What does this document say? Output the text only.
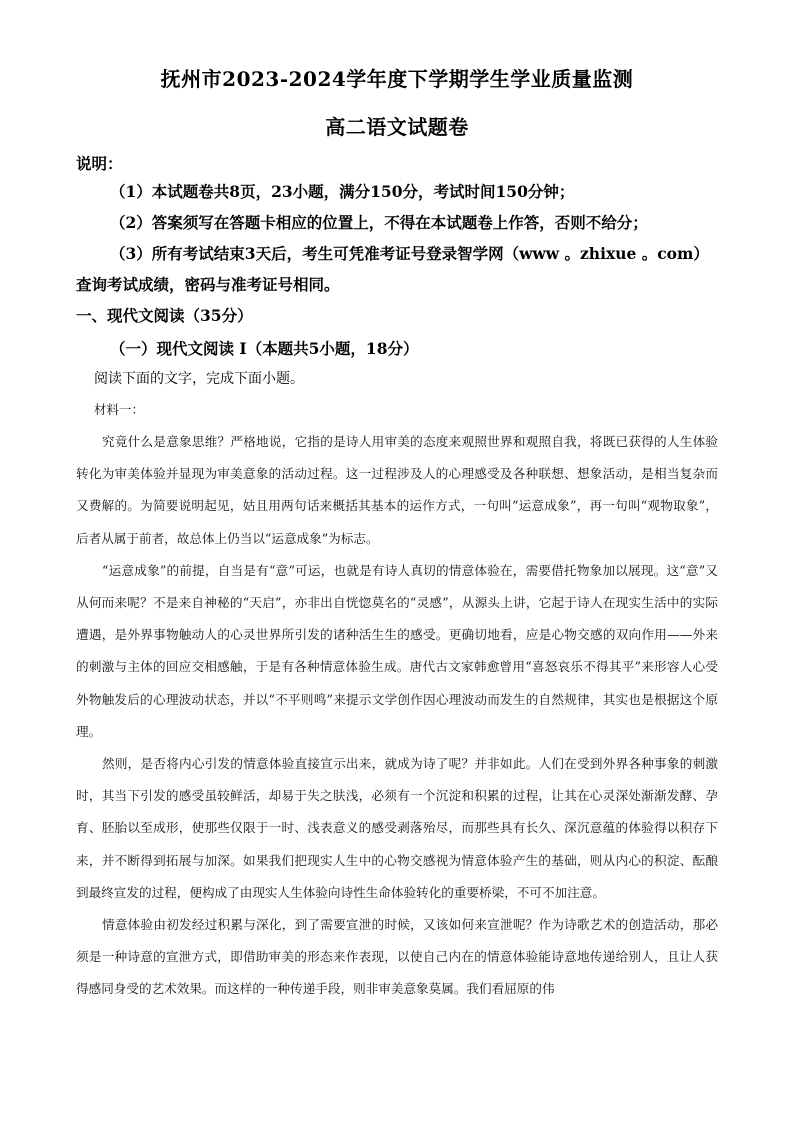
抚州市2023-2024学年度下学期学生学业质量监测
高二语文试题卷

说明：

（1）本试题卷共8页，23小题，满分150分，考试时间150分钟；

（2）答案须写在答题卡相应的位置上，不得在本试题卷上作答，否则不给分；

（3）所有考试结束3天后，考生可凭准考证号登录智学网（www 。zhixue 。com）查询考试成绩，密码与准考证号相同。

一、现代文阅读（35分）

（一）现代文阅读 I（本题共5小题，18分）

阅读下面的文字，完成下面小题。

材料一：

究竟什么是意象思维？严格地说，它指的是诗人用审美的态度来观照世界和观照自我，将既已获得的人生体验转化为审美体验并显现为审美意象的活动过程。这一过程涉及人的心理感受及各种联想、想象活动，是相当复杂而又费解的。为简要说明起见，姑且用两句话来概括其基本的运作方式，一句叫“运意成象”，再一句叫“观物取象”，后者从属于前者，故总体上仍当以“运意成象”为标志。

“运意成象”的前提，自当是有“意”可运，也就是有诗人真切的情意体验在，需要借托物象加以展现。这“意”又从何而来呢？不是来自神秘的“天启”，亦非出自恍惚莫名的“灵感”，从源头上讲，它起于诗人在现实生活中的实际遭遇，是外界事物触动人的心灵世界所引发的诸种活生生的感受。更确切地看，应是心物交感的双向作用——外来的刺激与主体的回应交相感触，于是有各种情意体验生成。唐代古文家韩愈曾用“喜怒哀乐不得其平”来形容人心受外物触发后的心理波动状态，并以“不平则鸣”来提示文学创作因心理波动而发生的自然规律，其实也是根据这个原理。

然则，是否将内心引发的情意体验直接宣示出来，就成为诗了呢？并非如此。人们在受到外界各种事象的刺激时，其当下引发的感受虽较鲜活，却易于失之肤浅，必须有一个沉淀和积累的过程，让其在心灵深处渐渐发酵、孕育、胚胎以至成形，使那些仅限于一时、浅表意义的感受剥落殆尽，而那些具有长久、深沉意蕴的体验得以积存下来，并不断得到拓展与加深。如果我们把现实人生中的心物交感视为情意体验产生的基础，则从内心的积淀、酝酿到最终宣发的过程，便构成了由现实人生体验向诗性生命体验转化的重要桥梁，不可不加注意。

情意体验由初发经过积累与深化，到了需要宣泄的时候，又该如何来宣泄呢？作为诗歌艺术的创造活动，那必须是一种诗意的宣泄方式，即借助审美的形态来作表现，以使自己内在的情意体验能诗意地传递给别人，且让人获得感同身受的艺术效果。而这样的一种传递手段，则非审美意象莫属。我们看屈原的伟
